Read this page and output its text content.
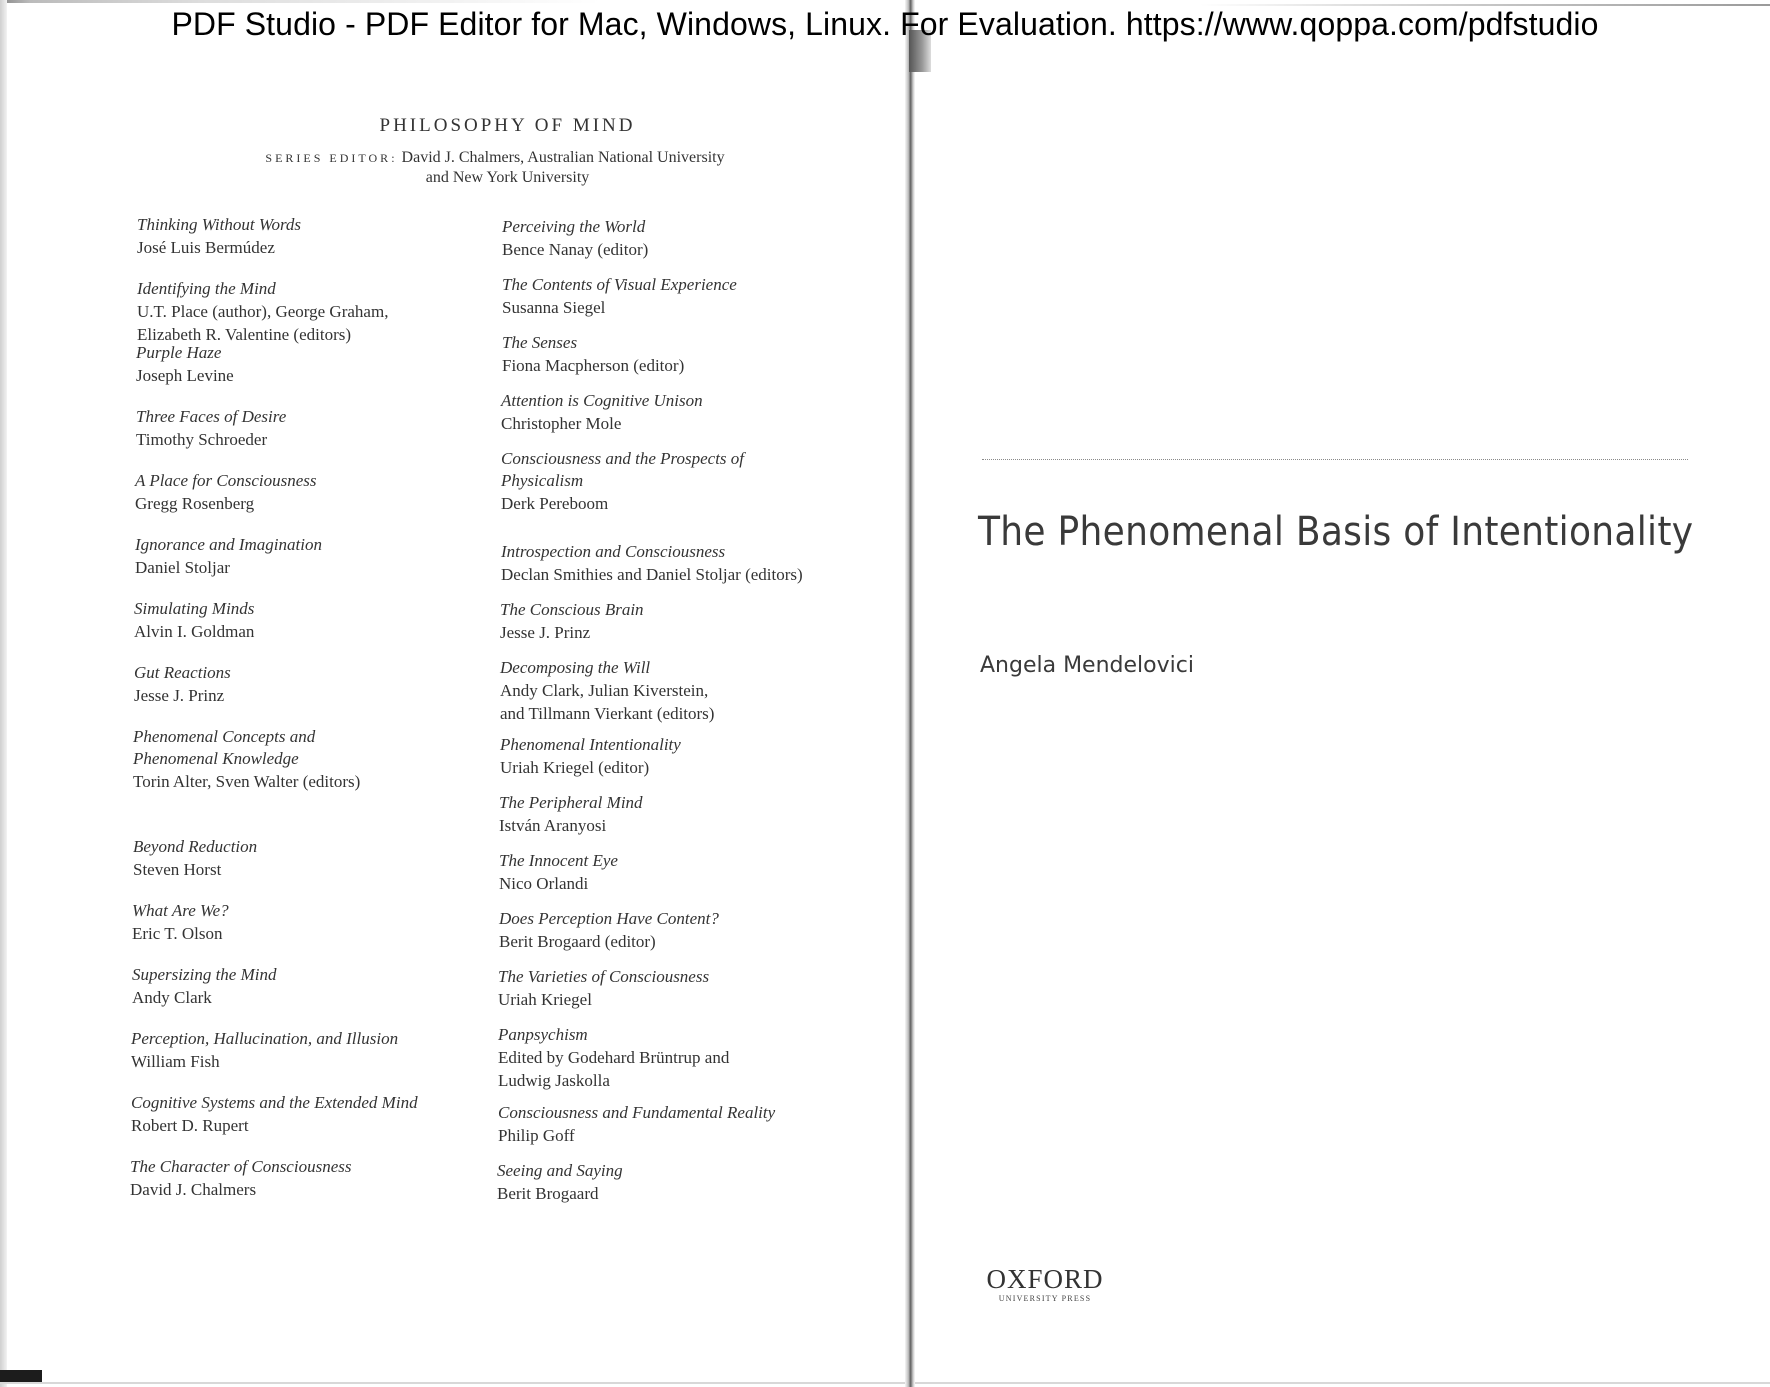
PDF Studio - PDF Editor for Mac, Windows, Linux. For Evaluation. https://www.qoppa.com/pdfstudio
PHILOSOPHY OF MIND
SERIES EDITOR: David J. Chalmers, Australian National University
and New York University
Thinking Without Words
José Luis Bermúdez
Identifying the Mind
U.T. Place (author), George Graham,
Elizabeth R. Valentine (editors)
Purple Haze
Joseph Levine
Three Faces of Desire
Timothy Schroeder
A Place for Consciousness
Gregg Rosenberg
Ignorance and Imagination
Daniel Stoljar
Simulating Minds
Alvin I. Goldman
Gut Reactions
Jesse J. Prinz
Phenomenal Concepts and
Phenomenal Knowledge
Torin Alter, Sven Walter (editors)
Beyond Reduction
Steven Horst
What Are We?
Eric T. Olson
Supersizing the Mind
Andy Clark
Perception, Hallucination, and Illusion
William Fish
Cognitive Systems and the Extended Mind
Robert D. Rupert
The Character of Consciousness
David J. Chalmers
Perceiving the World
Bence Nanay (editor)
The Contents of Visual Experience
Susanna Siegel
The Senses
Fiona Macpherson (editor)
Attention is Cognitive Unison
Christopher Mole
Consciousness and the Prospects of
Physicalism
Derk Pereboom
Introspection and Consciousness
Declan Smithies and Daniel Stoljar (editors)
The Conscious Brain
Jesse J. Prinz
Decomposing the Will
Andy Clark, Julian Kiverstein,
and Tillmann Vierkant (editors)
Phenomenal Intentionality
Uriah Kriegel (editor)
The Peripheral Mind
István Aranyosi
The Innocent Eye
Nico Orlandi
Does Perception Have Content?
Berit Brogaard (editor)
The Varieties of Consciousness
Uriah Kriegel
Panpsychism
Edited by Godehard Brüntrup and
Ludwig Jaskolla
Consciousness and Fundamental Reality
Philip Goff
Seeing and Saying
Berit Brogaard
The Phenomenal Basis of Intentionality
Angela Mendelovici
OXFORD
UNIVERSITY PRESS
